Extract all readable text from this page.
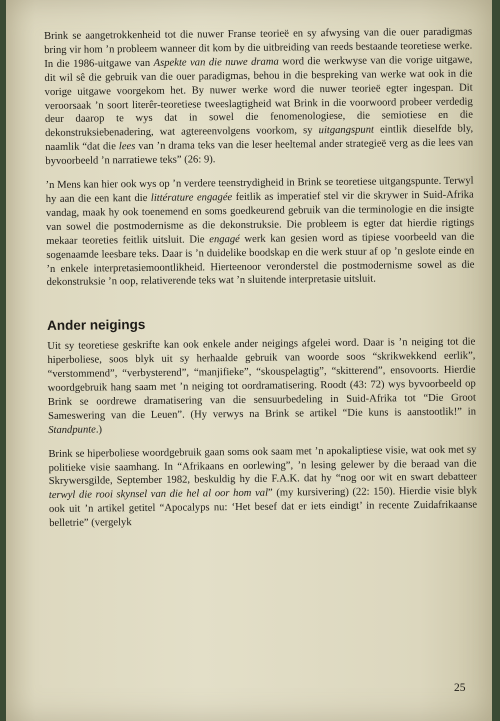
Brink se aangetrokkenheid tot die nuwer Franse teorieë en sy afwysing van die ouer paradigmas bring vir hom ’n probleem wanneer dit kom by die uitbreiding van reeds bestaande teoretiese werke. In die 1986-uitgawe van Aspekte van die nuwe drama word die werkwyse van die vorige uitgawe, dit wil sê die gebruik van die ouer paradigmas, behou in die bespreking van werke wat ook in die vorige uitgawe voorgekom het. By nuwer werke word die nuwer teorieë egter ingespan. Dit veroorsaak ’n soort literêr-teoretiese tweeslagtigheid wat Brink in die voorwoord probeer verdedig deur daarop te wys dat in sowel die fenomenologiese, die semiotiese en die dekonstruksiebenadering, wat agtereenvolgens voorkom, sy uitgangspunt eintlik dieselfde bly, naamlik “dat die lees van ’n drama teks van die leser heeltemal ander strategieë verg as die lees van byvoorbeeld ’n narratiewe teks” (26: 9).

’n Mens kan hier ook wys op ’n verdere teenstrydigheid in Brink se teoretiese uitgangspunte. Terwyl hy aan die een kant die littérature engagée feitlik as imperatief stel vir die skrywer in Suid-Afrika vandag, maak hy ook toenemend en soms goedkeurend gebruik van die terminologie en die insigte van sowel die postmodernisme as die dekonstruksie. Die probleem is egter dat hierdie rigtings mekaar teoreties feitlik uitsluit. Die engagé werk kan gesien word as tipiese voorbeeld van die sogenaamde leesbare teks. Daar is ’n duidelike boodskap en die werk stuur af op ’n geslote einde en ’n enkele interpretasiemoontlikheid. Hierteenoor veronderstel die postmodernisme sowel as die dekonstruksie ’n oop, relativerende teks wat ’n sluitende interpretasie uitsluit.

Ander neigings

Uit sy teoretiese geskrifte kan ook enkele ander neigings afgelei word. Daar is ’n neiging tot die hiperboliese, soos blyk uit sy herhaalde gebruik van woorde soos “skrikwekkend eerlik”, “verstommend”, “verbysterend”, “manjifieke”, “skouspelagtig”, “skitterend”, ensovoorts. Hierdie woordgebruik hang saam met ’n neiging tot oordramatisering. Roodt (43: 72) wys byvoorbeeld op Brink se oordrewe dramatisering van die sensuurbedeling in Suid-Afrika tot “Die Groot Sameswering van die Leuen”. (Hy verwys na Brink se artikel “Die kuns is aanstootlik!” in Standpunte.)

Brink se hiperboliese woordgebruik gaan soms ook saam met ’n apokaliptiese visie, wat ook met sy politieke visie saamhang. In “Afrikaans en oorlewing”, ’n lesing gelewer by die beraad van die Skrywersgilde, September 1982, beskuldig hy die F.A.K. dat hy “nog oor wit en swart debatteer terwyl die rooi skynsel van die hel al oor hom val” (my kursivering) (22: 150). Hierdie visie blyk ook uit ’n artikel getitel “Apocalyps nu: ‘Het besef dat er iets eindigt’ in recente Zuidafrikaanse belletrie” (vergelyk

25
